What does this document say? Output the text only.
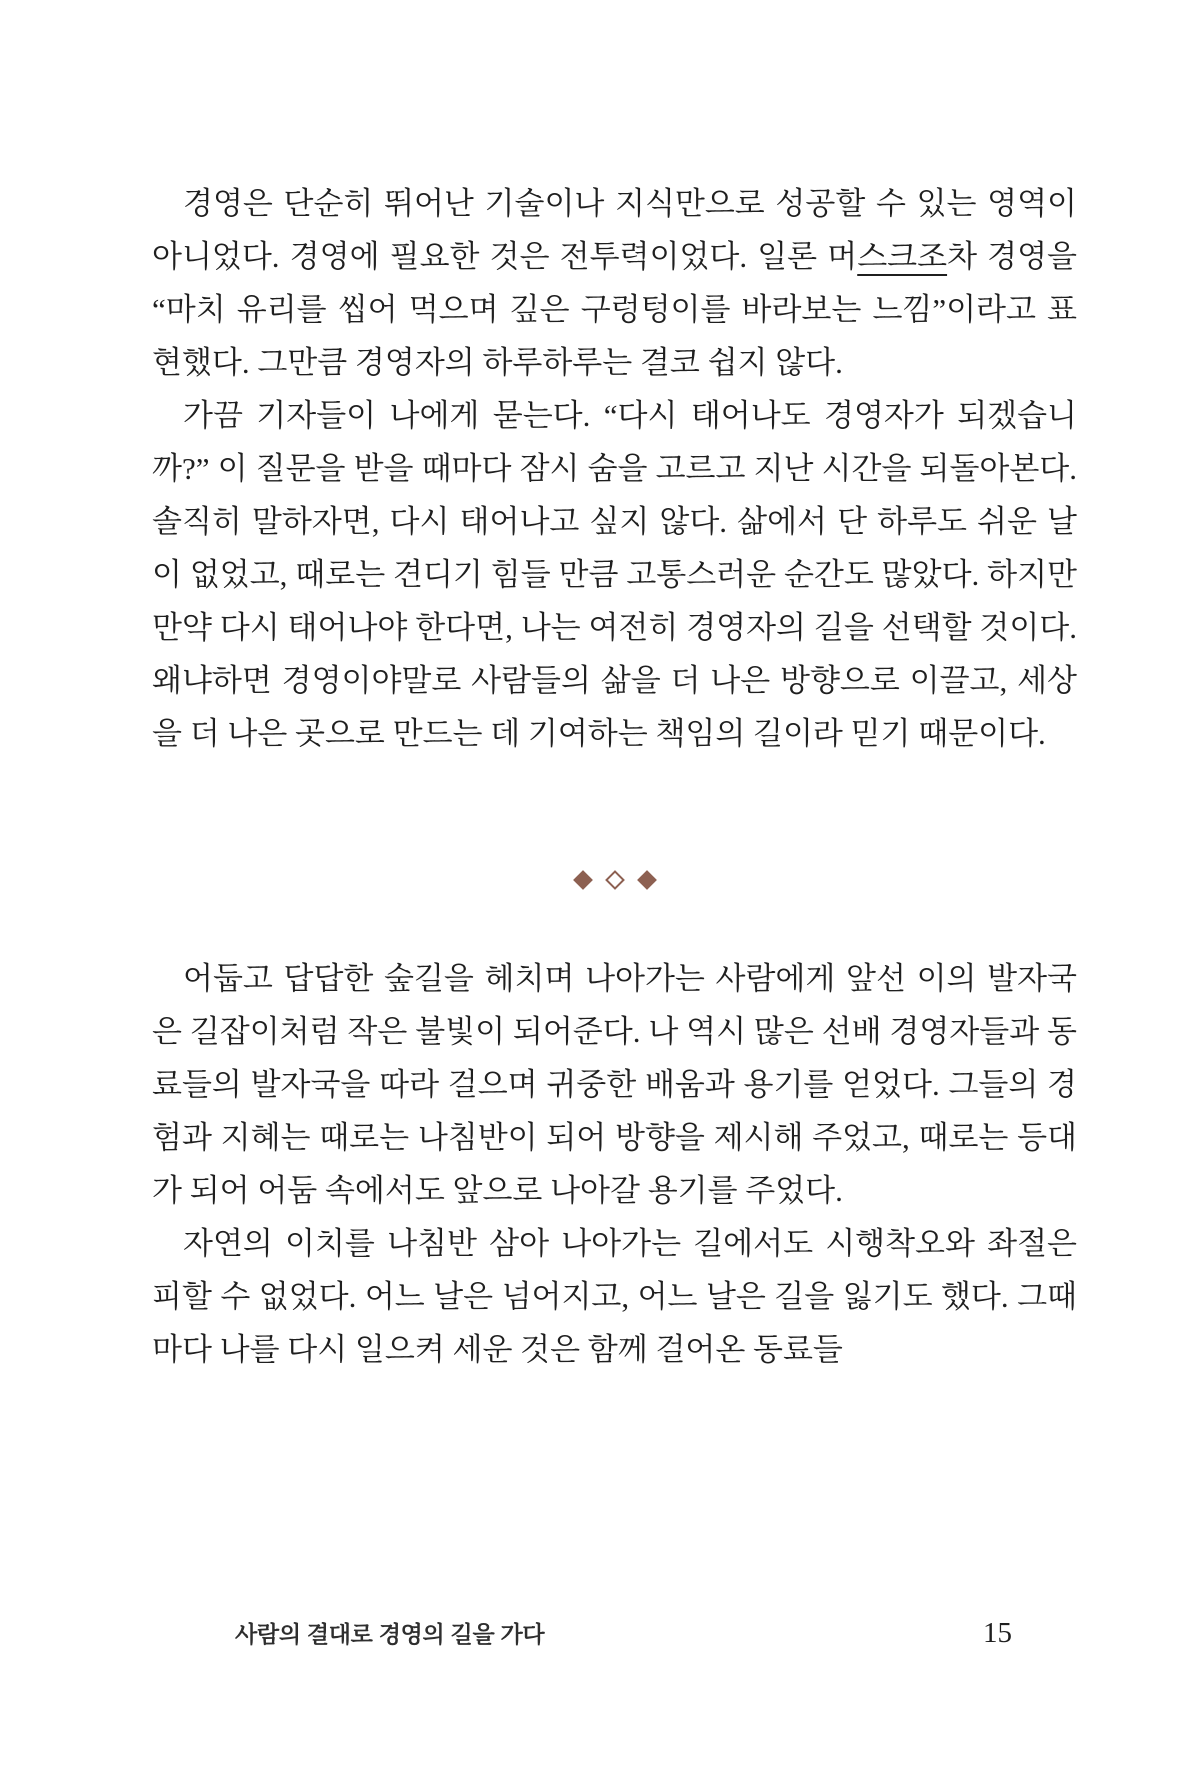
경영은 단순히 뛰어난 기술이나 지식만으로 성공할 수 있는 영역이 아니었다. 경영에 필요한 것은 전투력이었다. 일론 머스크조차 경영을 “마치 유리를 씹어 먹으며 깊은 구렁텅이를 바라보는 느낌”이라고 표현했다. 그만큼 경영자의 하루하루는 결코 쉽지 않다.

가끔 기자들이 나에게 묻는다. “다시 태어나도 경영자가 되겠습니까?” 이 질문을 받을 때마다 잠시 숨을 고르고 지난 시간을 되돌아본다. 솔직히 말하자면, 다시 태어나고 싶지 않다. 삶에서 단 하루도 쉬운 날이 없었고, 때로는 견디기 힘들 만큼 고통스러운 순간도 많았다. 하지만 만약 다시 태어나야 한다면, 나는 여전히 경영자의 길을 선택할 것이다. 왜냐하면 경영이야말로 사람들의 삶을 더 나은 방향으로 이끌고, 세상을 더 나은 곳으로 만드는 데 기여하는 책임의 길이라 믿기 때문이다.

어둡고 답답한 숲길을 헤치며 나아가는 사람에게 앞선 이의 발자국은 길잡이처럼 작은 불빛이 되어준다. 나 역시 많은 선배 경영자들과 동료들의 발자국을 따라 걸으며 귀중한 배움과 용기를 얻었다. 그들의 경험과 지혜는 때로는 나침반이 되어 방향을 제시해 주었고, 때로는 등대가 되어 어둠 속에서도 앞으로 나아갈 용기를 주었다.

자연의 이치를 나침반 삼아 나아가는 길에서도 시행착오와 좌절은 피할 수 없었다. 어느 날은 넘어지고, 어느 날은 길을 잃기도 했다. 그때마다 나를 다시 일으켜 세운 것은 함께 걸어온 동료들

사람의 결대로 경영의 길을 가다	15
